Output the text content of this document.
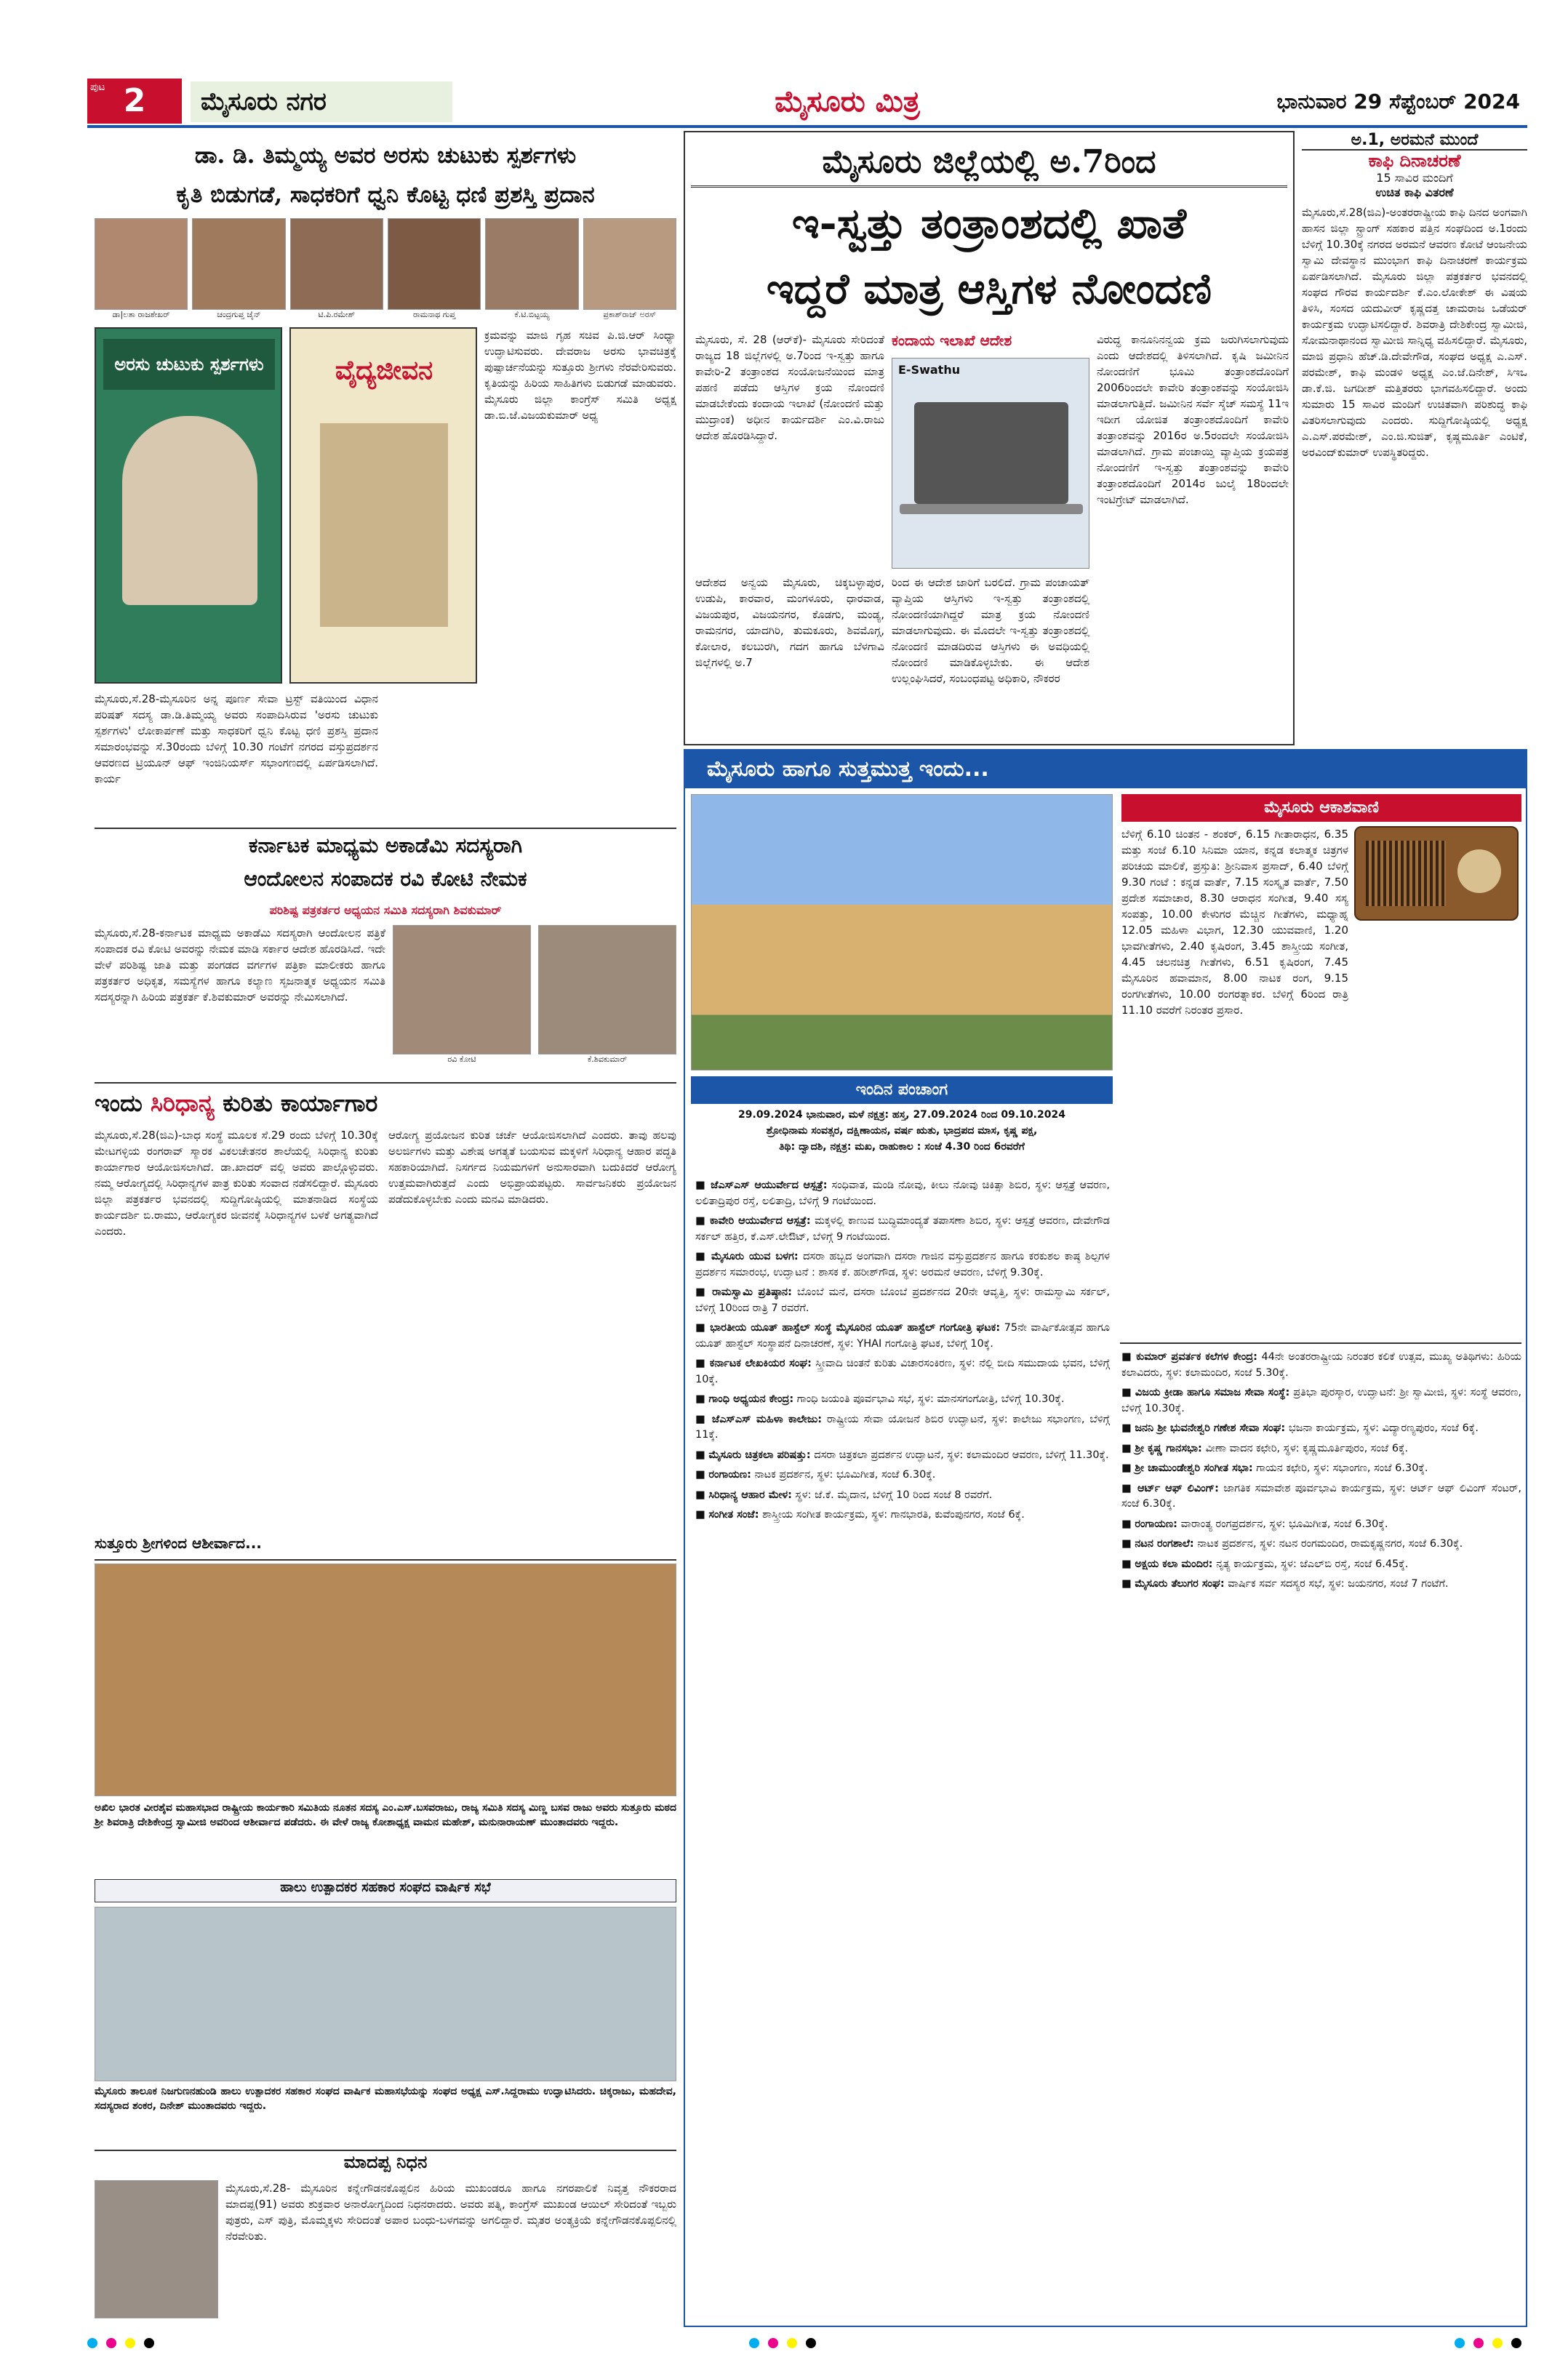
2
ಪುಟ	ಮೈಸೂರು ನಗರ	ಮೈಸೂರು ಮಿತ್ರ	ಭಾನುವಾರ 29 ಸೆಪ್ಟೆಂಬರ್ 2024
ಡಾ. ಡಿ. ತಿಮ್ಮಯ್ಯ ಅವರ ಅರಸು ಚುಟುಕು ಸ್ಪರ್ಶಗಳು
ಕೃತಿ ಬಿಡುಗಡೆ, ಸಾಧಕರಿಗೆ ಧ್ವನಿ ಕೊಟ್ಟ ಧಣಿ ಪ್ರಶಸ್ತಿ ಪ್ರದಾನ
ಡಾ|ಲತಾ ರಾಜಶೇಖರ್	ಚಂದ್ರಗುಪ್ತ ಜೈನ್	ಟಿ.ಪಿ.ರಮೇಶ್	ರಾಮನಾಥ ಗುಪ್ತ	ಕೆ.ಟಿ.ಬಿಟ್ಟಯ್ಯ	ಪ್ರಕಾಶ್‌ರಾಜ್ ಅರಸ್
ಅರಸು ಚುಟುಕು ಸ್ಪರ್ಶಗಳು	ವೈದ್ಯಜೀವನ
ಕ್ರಮವನ್ನು ಮಾಜಿ ಗೃಹ ಸಚಿವ ಪಿ.ಜಿ.ಆರ್ ಸಿಂಧ್ಯಾ ಉದ್ಘಾಟಿಸುವರು. ದೇವರಾಜ ಅರಸು ಭಾವಚಿತ್ರಕ್ಕೆ ಪುಷ್ಪಾರ್ಚನೆಯನ್ನು ಸುತ್ತೂರು ಶ್ರೀಗಳು ನೆರವೇರಿಸುವರು. ಕೃತಿಯನ್ನು ಹಿರಿಯ ಸಾಹಿತಿಗಳು ಬಿಡುಗಡೆ ಮಾಡುವರು. ಮೈಸೂರು ಜಿಲ್ಲಾ ಕಾಂಗ್ರೆಸ್ ಸಮಿತಿ ಅಧ್ಯಕ್ಷ ಡಾ.ಬಿ.ಜೆ.ವಿಜಯಕುಮಾರ್ ಅಧ್ಯ
ಮೈಸೂರು,ಸೆ.28-ಮೈಸೂರಿನ ಅನ್ನ ಪೂರ್ಣ ಸೇವಾ ಟ್ರಸ್ಟ್ ವತಿಯಿಂದ ವಿಧಾನ ಪರಿಷತ್ ಸದಸ್ಯ ಡಾ.ಡಿ.ತಿಮ್ಮಯ್ಯ ಅವರು ಸಂಪಾದಿಸಿರುವ 'ಅರಸು ಚುಟುಕು ಸ್ಪರ್ಶಗಳು' ಲೋಕಾರ್ಪಣೆ ಮತ್ತು ಸಾಧಕರಿಗೆ ಧ್ವನಿ ಕೊಟ್ಟ ಧಣಿ ಪ್ರಶಸ್ತಿ ಪ್ರದಾನ ಸಮಾರಂಭವನ್ನು ಸೆ.30ರಂದು ಬೆಳಿಗ್ಗೆ 10.30 ಗಂಟೆಗೆ ನಗರದ ವಸ್ತುಪ್ರದರ್ಶನ ಆವರಣದ ಟ್ರಿಯೂನ್ ಆಫ್ ಇಂಜಿನಿಯರ್ಸ್ ಸಭಾಂಗಣದಲ್ಲಿ ಏರ್ಪಡಿಸಲಾಗಿದೆ. ಕಾರ್ಯ
ಮೈಸೂರು ಜಿಲ್ಲೆಯಲ್ಲಿ ಅ.7ರಿಂದ
ಇ-ಸ್ವತ್ತು ತಂತ್ರಾಂಶದಲ್ಲಿ ಖಾತೆ
ಇದ್ದರೆ ಮಾತ್ರ ಆಸ್ತಿಗಳ ನೋಂದಣಿ
ಮೈಸೂರು, ಸೆ. 28 (ಆರ್‌ಕೆ)- ಮೈಸೂರು ಸೇರಿದಂತೆ ರಾಜ್ಯದ 18 ಜಿಲ್ಲೆಗಳಲ್ಲಿ ಅ.7ರಿಂದ ಇ-ಸ್ವತ್ತು ಹಾಗೂ ಕಾವೇರಿ-2 ತಂತ್ರಾಂಶದ ಸಂಯೋಜನೆಯಿಂದ ಮಾತ್ರ ಪಹಣಿ ಪಡೆದು ಆಸ್ತಿಗಳ ಕ್ರಯ ನೋಂದಣಿ ಮಾಡಬೇಕೆಂದು ಕಂದಾಯ ಇಲಾಖೆ (ನೋಂದಣಿ ಮತ್ತು ಮುದ್ರಾಂಕ) ಅಧೀನ ಕಾರ್ಯದರ್ಶಿ ಎಂ.ವಿ.ರಾಜು ಆದೇಶ ಹೊರಡಿಸಿದ್ದಾರೆ.
ಕಂದಾಯ ಇಲಾಖೆ ಆದೇಶ
E-Swathu
ರಿಂದ ಈ ಆದೇಶ ಜಾರಿಗೆ ಬರಲಿದೆ. ಗ್ರಾಮ ಪಂಚಾಯತ್ ವ್ಯಾಪ್ತಿಯ ಆಸ್ತಿಗಳು ಇ-ಸ್ವತ್ತು ತಂತ್ರಾಂಶದಲ್ಲಿ ನೋಂದಣಿಯಾಗಿದ್ದರೆ ಮಾತ್ರ ಕ್ರಯ ನೋಂದಣಿ ಮಾಡಲಾಗುವುದು. ಈ ಮೊದಲೇ ಇ-ಸ್ವತ್ತು ತಂತ್ರಾಂಶದಲ್ಲಿ ನೋಂದಣಿ ಮಾಡದಿರುವ ಆಸ್ತಿಗಳು ಈ ಅವಧಿಯಲ್ಲಿ ನೋಂದಣಿ ಮಾಡಿಕೊಳ್ಳಬೇಕು. ಈ ಆದೇಶ ಉಲ್ಲಂಘಿಸಿದರೆ, ಸಂಬಂಧಪಟ್ಟ ಅಧಿಕಾರಿ, ನೌಕರರ
ವಿರುದ್ಧ ಕಾನೂನಿನನ್ವಯ ಕ್ರಮ ಜರುಗಿಸಲಾಗುವುದು ಎಂದು ಆದೇಶದಲ್ಲಿ ತಿಳಿಸಲಾಗಿದೆ. ಕೃಷಿ ಜಮೀನಿನ ನೋಂದಣಿಗೆ ಭೂಮಿ ತಂತ್ರಾಂಶದೊಂದಿಗೆ 2006ರಿಂದಲೇ ಕಾವೇರಿ ತಂತ್ರಾಂಶವನ್ನು ಸಂಯೋಜಿಸಿ ಮಾಡಲಾಗುತ್ತಿದೆ. ಜಮೀನಿನ ಸರ್ವೆ ಸ್ಕೆಚ್ ಸಮಸ್ಯೆ 11ಇ ಇದೀಗ ಯೋಜಿತ ತಂತ್ರಾಂಶದೊಂದಿಗೆ ಕಾವೇರಿ ತಂತ್ರಾಂಶವನ್ನು 2016ರ ಅ.5ರಂದಲೇ ಸಂಯೋಜಿಸಿ ಮಾಡಲಾಗಿದೆ. ಗ್ರಾಮ ಪಂಚಾಯ್ತಿ ವ್ಯಾಪ್ತಿಯ ಕ್ರಯಪತ್ರ ನೋಂದಣಿಗೆ ಇ-ಸ್ವತ್ತು ತಂತ್ರಾಂಶವನ್ನು ಕಾವೇರಿ ತಂತ್ರಾಂಶದೊಂದಿಗೆ 2014ರ ಜುಲೈ 18ರಿಂದಲೇ ಇಂಟಿಗ್ರೇಟ್ ಮಾಡಲಾಗಿದೆ.
ಆದೇಶದ ಅನ್ವಯ ಮೈಸೂರು, ಚಿಕ್ಕಬಳ್ಳಾಪುರ, ಉಡುಪಿ, ಕಾರವಾರ, ಮಂಗಳೂರು, ಧಾರವಾಡ, ವಿಜಯಪುರ, ವಿಜಯನಗರ, ಕೊಡಗು, ಮಂಡ್ಯ, ರಾಮನಗರ, ಯಾದಗಿರಿ, ತುಮಕೂರು, ಶಿವಮೊಗ್ಗ, ಕೋಲಾರ, ಕಲಬುರಗಿ, ಗದಗ ಹಾಗೂ ಬೆಳಗಾವಿ ಜಿಲ್ಲೆಗಳಲ್ಲಿ ಅ.7
ಅ.1, ಅರಮನೆ ಮುಂದೆ
ಕಾಫಿ ದಿನಾಚರಣೆ
15 ಸಾವಿರ ಮಂದಿಗೆ
ಉಚಿತ ಕಾಫಿ ವಿತರಣೆ
ಮೈಸೂರು,ಸೆ.28(ಜಿಎ)-ಅಂತರರಾಷ್ಟ್ರೀಯ ಕಾಫಿ ದಿನದ ಅಂಗವಾಗಿ ಹಾಸನ ಜಿಲ್ಲಾ ಸ್ಟ್ರಾಂಗ್ ಸಹಕಾರ ಪತ್ತಿನ ಸಂಘದಿಂದ ಅ.1ರಂದು ಬೆಳಿಗ್ಗೆ 10.30ಕ್ಕೆ ನಗರದ ಅರಮನೆ ಆವರಣ ಕೋಟೆ ಆಂಜನೇಯ ಸ್ವಾಮಿ ದೇವಸ್ಥಾನ ಮುಂಭಾಗ ಕಾಫಿ ದಿನಾಚರಣೆ ಕಾರ್ಯಕ್ರಮ ಏರ್ಪಡಿಸಲಾಗಿದೆ. ಮೈಸೂರು ಜಿಲ್ಲಾ ಪತ್ರಕರ್ತರ ಭವನದಲ್ಲಿ ಸಂಘದ ಗೌರವ ಕಾರ್ಯದರ್ಶಿ ಕೆ.ಎಂ.ಲೋಕೇಶ್ ಈ ವಿಷಯ ತಿಳಿಸಿ, ಸಂಸದ ಯದುವೀರ್ ಕೃಷ್ಣದತ್ತ ಚಾಮರಾಜ ಒಡೆಯರ್ ಕಾರ್ಯಕ್ರಮ ಉದ್ಘಾಟಿಸಲಿದ್ದಾರೆ. ಶಿವರಾತ್ರಿ ದೇಶಿಕೇಂದ್ರ ಸ್ವಾಮೀಜಿ, ಸೋಮನಾಥಾನಂದ ಸ್ವಾಮೀಜಿ ಸಾನ್ನಿಧ್ಯ ವಹಿಸಲಿದ್ದಾರೆ. ಮೈಸೂರು, ಮಾಜಿ ಪ್ರಧಾನಿ ಹೆಚ್.ಡಿ.ದೇವೇಗೌಡ, ಸಂಘದ ಅಧ್ಯಕ್ಷ ಎ.ಎಸ್. ಪರಮೇಶ್, ಕಾಫಿ ಮಂಡಳಿ ಅಧ್ಯಕ್ಷ ಎಂ.ಜೆ.ದಿನೇಶ್, ಸಿಇಒ ಡಾ.ಕೆ.ಜಿ. ಜಗದೀಶ್ ಮತ್ತಿತರರು ಭಾಗವಹಿಸಲಿದ್ದಾರೆ. ಅಂದು ಸುಮಾರು 15 ಸಾವಿರ ಮಂದಿಗೆ ಉಚಿತವಾಗಿ ಪರಿಶುದ್ಧ ಕಾಫಿ ವಿತರಿಸಲಾಗುವುದು ಎಂದರು. ಸುದ್ದಿಗೋಷ್ಠಿಯಲ್ಲಿ ಅಧ್ಯಕ್ಷ ಎ.ಎಸ್.ಪರಮೇಶ್, ಎಂ.ಜಿ.ಸುಜಿತ್, ಕೃಷ್ಣಮೂರ್ತಿ ಎಂಟಿಕೆ, ಅರವಿಂದ್‌ಕುಮಾರ್ ಉಪಸ್ಥಿತರಿದ್ದರು.
ಕರ್ನಾಟಕ ಮಾಧ್ಯಮ ಅಕಾಡೆಮಿ ಸದಸ್ಯರಾಗಿ
ಆಂದೋಲನ ಸಂಪಾದಕ ರವಿ ಕೋಟಿ ನೇಮಕ
ಪರಿಶಿಷ್ಟ ಪತ್ರಕರ್ತರ ಅಧ್ಯಯನ ಸಮಿತಿ ಸದಸ್ಯರಾಗಿ ಶಿವಕುಮಾರ್
ಮೈಸೂರು,ಸೆ.28-ಕರ್ನಾಟಕ ಮಾಧ್ಯಮ ಅಕಾಡೆಮಿ ಸದಸ್ಯರಾಗಿ ಆಂದೋಲನ ಪತ್ರಿಕೆ ಸಂಪಾದಕ ರವಿ ಕೋಟಿ ಅವರನ್ನು ನೇಮಕ ಮಾಡಿ ಸರ್ಕಾರ ಆದೇಶ ಹೊರಡಿಸಿದೆ. ಇದೇ ವೇಳೆ ಪರಿಶಿಷ್ಟ ಜಾತಿ ಮತ್ತು ಪಂಗಡದ ವರ್ಗಗಳ ಪತ್ರಿಕಾ ಮಾಲೀಕರು ಹಾಗೂ ಪತ್ರಕರ್ತರ ಅಧಿಕೃತ, ಸಮಸ್ಯೆಗಳ ಹಾಗೂ ಕಲ್ಯಾಣ ಸೃಜನಾತ್ಮಕ ಅಧ್ಯಯನ ಸಮಿತಿ ಸದಸ್ಯರನ್ನಾಗಿ ಹಿರಿಯ ಪತ್ರಕರ್ತ ಕೆ.ಶಿವಕುಮಾರ್ ಅವರನ್ನು ನೇಮಿಸಲಾಗಿದೆ.
ರವಿ ಕೋಟಿ	ಕೆ.ಶಿವಕುಮಾರ್
ಇಂದು ಸಿರಿಧಾನ್ಯ ಕುರಿತು ಕಾರ್ಯಾಗಾರ
ಮೈಸೂರು,ಸೆ.28(ಜಿಎ)-ಬಾಧ ಸಂಸ್ಥೆ ಮೂಲಕ ಸೆ.29 ರಂದು ಬೆಳಿಗ್ಗೆ 10.30ಕ್ಕೆ ಮೇಟಗಳ್ಳಿಯ ರಂಗರಾವ್ ಸ್ಮಾರಕ ವಿಕಲಚೇತನರ ಶಾಲೆಯಲ್ಲಿ ಸಿರಿಧಾನ್ಯ ಕುರಿತು ಕಾರ್ಯಾಗಾರ ಆಯೋಜಿಸಲಾಗಿದೆ. ಡಾ.ಖಾದರ್ ವಲ್ಲಿ ಅವರು ಪಾಲ್ಗೊಳ್ಳುವರು. ನಮ್ಮ ಆರೋಗ್ಯದಲ್ಲಿ ಸಿರಿಧಾನ್ಯಗಳ ಪಾತ್ರ ಕುರಿತು ಸಂವಾದ ನಡೆಸಲಿದ್ದಾರೆ. ಮೈಸೂರು ಜಿಲ್ಲಾ ಪತ್ರಕರ್ತರ ಭವನದಲ್ಲಿ ಸುದ್ದಿಗೋಷ್ಠಿಯಲ್ಲಿ ಮಾತನಾಡಿದ ಸಂಸ್ಥೆಯ ಕಾರ್ಯದರ್ಶಿ ಬಿ.ರಾಮು, ಆರೋಗ್ಯಕರ ಜೀವನಕ್ಕೆ ಸಿರಿಧಾನ್ಯಗಳ ಬಳಕೆ ಅಗತ್ಯವಾಗಿದೆ ಎಂದರು.
ಆರೋಗ್ಯ ಪ್ರಯೋಜನ ಕುರಿತ ಚರ್ಚೆ ಆಯೋಜಿಸಲಾಗಿದೆ ಎಂದರು. ತಾವು ಹಲವು ಅಲರ್ಜಿಗಳು ಮತ್ತು ವಿಶೇಷ ಅಗತ್ಯತೆ ಬಯಸುವ ಮಕ್ಕಳಿಗೆ ಸಿರಿಧಾನ್ಯ ಆಹಾರ ಪದ್ಧತಿ ಸಹಕಾರಿಯಾಗಿದೆ. ನಿಸರ್ಗದ ನಿಯಮಗಳಿಗೆ ಅನುಸಾರವಾಗಿ ಬದುಕಿದರೆ ಆರೋಗ್ಯ ಉತ್ತಮವಾಗಿರುತ್ತದೆ ಎಂದು ಅಭಿಪ್ರಾಯಪಟ್ಟರು. ಸಾರ್ವಜನಿಕರು ಪ್ರಯೋಜನ ಪಡೆದುಕೊಳ್ಳಬೇಕು ಎಂದು ಮನವಿ ಮಾಡಿದರು.
ಸುತ್ತೂರು ಶ್ರೀಗಳಿಂದ ಆಶೀರ್ವಾದ...
ಅಖಿಲ ಭಾರತ ವೀರಶೈವ ಮಹಾಸಭಾದ ರಾಷ್ಟ್ರೀಯ ಕಾರ್ಯಕಾರಿ ಸಮಿತಿಯ ನೂತನ ಸದಸ್ಯ ಎಂ.ಎಸ್.ಬಸವರಾಜು, ರಾಜ್ಯ ಸಮಿತಿ ಸದಸ್ಯ ಮಿಣ್ಣ ಬಸವ ರಾಜು ಅವರು ಸುತ್ತೂರು ಮಠದ ಶ್ರೀ ಶಿವರಾತ್ರಿ ದೇಶಿಕೇಂದ್ರ ಸ್ವಾಮೀಜಿ ಅವರಿಂದ ಆಶೀರ್ವಾದ ಪಡೆದರು. ಈ ವೇಳೆ ರಾಜ್ಯ ಕೋಶಾಧ್ಯಕ್ಷ ವಾಮನ ಮಹೇಶ್, ಮನುನಾರಾಯಣ್ ಮುಂತಾದವರು ಇದ್ದರು.
ಹಾಲು ಉತ್ಪಾದಕರ ಸಹಕಾರ ಸಂಘದ ವಾರ್ಷಿಕ ಸಭೆ
ಮೈಸೂರು ತಾಲೂಕ ನಿಜಗುಣನಹುಂಡಿ ಹಾಲು ಉತ್ಪಾದಕರ ಸಹಕಾರ ಸಂಘದ ವಾರ್ಷಿಕ ಮಹಾಸಭೆಯನ್ನು ಸಂಘದ ಅಧ್ಯಕ್ಷ ಎಸ್.ಸಿದ್ದರಾಮು ಉದ್ಘಾಟಿಸಿದರು. ಚಿಕ್ಕರಾಜು, ಮಹದೇವ, ಸದಸ್ಯರಾದ ಶಂಕರ, ದಿನೇಶ್ ಮುಂತಾದವರು ಇದ್ದರು.
ಮಾದಪ್ಪ ನಿಧನ
ಮೈಸೂರು,ಸೆ.28- ಮೈಸೂರಿನ ಕನ್ನೇಗೌಡನಕೊಪ್ಪಲಿನ ಹಿರಿಯ ಮುಖಂಡರೂ ಹಾಗೂ ನಗರಪಾಲಿಕೆ ನಿವೃತ್ತ ನೌಕರರಾದ ಮಾದಪ್ಪ(91) ಅವರು ಶುಕ್ರವಾರ ಅನಾರೋಗ್ಯದಿಂದ ನಿಧನರಾದರು. ಅವರು ಪತ್ನಿ, ಕಾಂಗ್ರೆಸ್ ಮುಖಂಡ ಆಯಿಲ್‌ ಸೇರಿದಂತೆ ಇಬ್ಬರು ಪುತ್ರರು, ಎಸ್ ಪುತ್ರಿ, ಮೊಮ್ಮಕ್ಕಳು ಸೇರಿದಂತೆ ಅಪಾರ ಬಂಧು-ಬಳಗವನ್ನು ಅಗಲಿದ್ದಾರೆ. ಮೃತರ ಅಂತ್ಯಕ್ರಿಯೆ ಕನ್ನೇಗೌಡನಕೊಪ್ಪಲಿನಲ್ಲಿ ನೆರವೇರಿತು.
ಮೈಸೂರು ಹಾಗೂ ಸುತ್ತಮುತ್ತ ಇಂದು...
ಇಂದಿನ ಪಂಚಾಂಗ
29.09.2024 ಭಾನುವಾರ, ಮಳೆ ನಕ್ಷತ್ರ: ಹಸ್ತ, 27.09.2024 ರಿಂದ 09.10.2024
ಶ್ರೋಧಿನಾಮ ಸಂವತ್ಸರ, ದಕ್ಷಿಣಾಯನ, ವರ್ಷ ಋತು, ಭಾದ್ರಪದ ಮಾಸ, ಕೃಷ್ಣ ಪಕ್ಷ,
ತಿಥಿ: ದ್ವಾದಶಿ, ನಕ್ಷತ್ರ: ಮಖ, ರಾಹುಕಾಲ : ಸಂಜೆ 4.30 ರಿಂದ 6ರವರೆಗೆ
■ ಜೆಎಸ್‌ಎಸ್ ಆಯುರ್ವೇದ ಆಸ್ಪತ್ರೆ: ಸಂಧಿವಾತ, ಮಂಡಿ ನೋವು, ಕೀಲು ನೋವು ಚಿಕಿತ್ಸಾ ಶಿಬಿರ, ಸ್ಥಳ: ಆಸ್ಪತ್ರೆ ಆವರಣ, ಲಲಿತಾದ್ರಿಪುರ ರಸ್ತೆ, ಲಲಿತಾದ್ರಿ, ಬೆಳಿಗ್ಗೆ 9 ಗಂಟೆಯಿಂದ.
■ ಕಾವೇರಿ ಆಯುರ್ವೇದ ಆಸ್ಪತ್ರೆ: ಮಕ್ಕಳಲ್ಲಿ ಕಾಣುವ ಬುದ್ಧಿಮಾಂದ್ಯತೆ ತಪಾಸಣಾ ಶಿಬಿರ, ಸ್ಥಳ: ಆಸ್ಪತ್ರೆ ಆವರಣ, ದೇವೇಗೌಡ ಸರ್ಕಲ್ ಹತ್ತಿರ, ಕೆ.ಎಸ್.ಲೇಔಟ್, ಬೆಳಿಗ್ಗೆ 9 ಗಂಟೆಯಿಂದ.
■ ಮೈಸೂರು ಯುವ ಬಳಗ: ದಸರಾ ಹಬ್ಬದ ಅಂಗವಾಗಿ ದಸರಾ ಗಾಜಿನ ವಸ್ತುಪ್ರದರ್ಶನ ಹಾಗೂ ಕರಕುಶಲ ಕಾಷ್ಠ ಶಿಲ್ಪಗಳ ಪ್ರದರ್ಶನ ಸಮಾರಂಭ, ಉದ್ಘಾಟನೆ : ಶಾಸಕ ಕೆ. ಹರೀಶ್‌ಗೌಡ, ಸ್ಥಳ: ಅರಮನೆ ಆವರಣ, ಬೆಳಿಗ್ಗೆ 9.30ಕ್ಕೆ.
■ ರಾಮಸ್ವಾಮಿ ಪ್ರತಿಷ್ಠಾನ: ಬೊಂಬೆ ಮನೆ, ದಸರಾ ಬೊಂಬೆ ಪ್ರದರ್ಶನದ 20ನೇ ಆವೃತ್ತಿ, ಸ್ಥಳ: ರಾಮಸ್ವಾಮಿ ಸರ್ಕಲ್, ಬೆಳಿಗ್ಗೆ 10ರಿಂದ ರಾತ್ರಿ 7 ರವರೆಗೆ.
■ ಭಾರತೀಯ ಯೂತ್ ಹಾಸ್ಟೆಲ್ ಸಂಸ್ಥೆ ಮೈಸೂರಿನ ಯೂತ್ ಹಾಸ್ಟೆಲ್ ಗಂಗೋತ್ರಿ ಘಟಕ: 75ನೇ ವಾರ್ಷಿಕೋತ್ಸವ ಹಾಗೂ ಯೂತ್ ಹಾಸ್ಟೆಲ್ ಸಂಸ್ಥಾಪನೆ ದಿನಾಚರಣೆ, ಸ್ಥಳ: YHAI ಗಂಗೋತ್ರಿ ಘಟಕ, ಬೆಳಿಗ್ಗೆ 10ಕ್ಕೆ.
■ ಕರ್ನಾಟಕ ಲೇಖಕಿಯರ ಸಂಘ: ಸ್ತ್ರೀವಾದಿ ಚಿಂತನೆ ಕುರಿತು ವಿಚಾರಸಂಕಿರಣ, ಸ್ಥಳ: ನೆಲ್ಲಿ ಬೀದಿ ಸಮುದಾಯ ಭವನ, ಬೆಳಿಗ್ಗೆ 10ಕ್ಕೆ.
■ ಗಾಂಧಿ ಅಧ್ಯಯನ ಕೇಂದ್ರ: ಗಾಂಧಿ ಜಯಂತಿ ಪೂರ್ವಭಾವಿ ಸಭೆ, ಸ್ಥಳ: ಮಾನಸಗಂಗೋತ್ರಿ, ಬೆಳಿಗ್ಗೆ 10.30ಕ್ಕೆ.
■ ಜೆಎಸ್‌ಎಸ್ ಮಹಿಳಾ ಕಾಲೇಜು: ರಾಷ್ಟ್ರೀಯ ಸೇವಾ ಯೋಜನೆ ಶಿಬಿರ ಉದ್ಘಾಟನೆ, ಸ್ಥಳ: ಕಾಲೇಜು ಸಭಾಂಗಣ, ಬೆಳಿಗ್ಗೆ 11ಕ್ಕೆ.
■ ಮೈಸೂರು ಚಿತ್ರಕಲಾ ಪರಿಷತ್ತು: ದಸರಾ ಚಿತ್ರಕಲಾ ಪ್ರದರ್ಶನ ಉದ್ಘಾಟನೆ, ಸ್ಥಳ: ಕಲಾಮಂದಿರ ಆವರಣ, ಬೆಳಿಗ್ಗೆ 11.30ಕ್ಕೆ.
■ ರಂಗಾಯಣ: ನಾಟಕ ಪ್ರದರ್ಶನ, ಸ್ಥಳ: ಭೂಮಿಗೀತ, ಸಂಜೆ 6.30ಕ್ಕೆ.
■ ಸಿರಿಧಾನ್ಯ ಆಹಾರ ಮೇಳ: ಸ್ಥಳ: ಜೆ.ಕೆ. ಮೈದಾನ, ಬೆಳಿಗ್ಗೆ 10 ರಿಂದ ಸಂಜೆ 8 ರವರೆಗೆ.
■ ಸಂಗೀತ ಸಂಜೆ: ಶಾಸ್ತ್ರೀಯ ಸಂಗೀತ ಕಾರ್ಯಕ್ರಮ, ಸ್ಥಳ: ಗಾನಭಾರತಿ, ಕುವೆಂಪುನಗರ, ಸಂಜೆ 6ಕ್ಕೆ.
ಮೈಸೂರು ಆಕಾಶವಾಣಿ
ಬೆಳಿಗ್ಗೆ 6.10 ಚಿಂತನ - ಶಂಕರ್, 6.15 ಗೀತಾರಾಧನ, 6.35 ಮತ್ತು ಸಂಜೆ 6.10 ಸಿನಿಮಾ ಯಾನ, ಕನ್ನಡ ಕಲಾತ್ಮಕ ಚಿತ್ರಗಳ ಪರಿಚಯ ಮಾಲಿಕೆ, ಪ್ರಸ್ತುತಿ: ಶ್ರೀನಿವಾಸ ಪ್ರಸಾದ್, 6.40 ಬೆಳಿಗ್ಗೆ 9.30 ಗಂಟೆ : ಕನ್ನಡ ವಾರ್ತೆ, 7.15 ಸಂಸ್ಕೃತ ವಾರ್ತೆ, 7.50 ಪ್ರದೇಶ ಸಮಾಚಾರ, 8.30 ಆರಾಧನ ಸಂಗೀತ, 9.40 ಸಸ್ಯ ಸಂಪತ್ತು, 10.00 ಕೇಳುಗರ ಮೆಚ್ಚಿನ ಗೀತೆಗಳು, ಮಧ್ಯಾಹ್ನ 12.05 ಮಹಿಳಾ ವಿಭಾಗ, 12.30 ಯುವವಾಣಿ, 1.20 ಭಾವಗೀತೆಗಳು, 2.40 ಕೃಷಿರಂಗ, 3.45 ಶಾಸ್ತ್ರೀಯ ಸಂಗೀತ, 4.45 ಚಲನಚಿತ್ರ ಗೀತೆಗಳು, 6.51 ಕೃಷಿರಂಗ, 7.45 ಮೈಸೂರಿನ ಹವಾಮಾನ, 8.00 ನಾಟಕ ರಂಗ, 9.15 ರಂಗಗೀತೆಗಳು, 10.00 ರಂಗರತ್ನಾಕರ. ಬೆಳಿಗ್ಗೆ 6ರಿಂದ ರಾತ್ರಿ 11.10 ರವರೆಗೆ ನಿರಂತರ ಪ್ರಸಾರ.
■ ಕುಮಾರ್ ಪ್ರವರ್ತಕ ಕಲೆಗಳ ಕೇಂದ್ರ: 44ನೇ ಅಂತರರಾಷ್ಟ್ರೀಯ ನಿರಂತರ ಕಲಿಕೆ ಉತ್ಸವ, ಮುಖ್ಯ ಅತಿಥಿಗಳು: ಹಿರಿಯ ಕಲಾವಿದರು, ಸ್ಥಳ: ಕಲಾಮಂದಿರ, ಸಂಜೆ 5.30ಕ್ಕೆ.
■ ವಿಜಯ ಕ್ರೀಡಾ ಹಾಗೂ ಸಮಾಜ ಸೇವಾ ಸಂಸ್ಥೆ: ಪ್ರತಿಭಾ ಪುರಸ್ಕಾರ, ಉದ್ಘಾಟನೆ: ಶ್ರೀ ಸ್ವಾಮೀಜಿ, ಸ್ಥಳ: ಸಂಸ್ಥೆ ಆವರಣ, ಬೆಳಿಗ್ಗೆ 10.30ಕ್ಕೆ.
■ ಜನನಿ ಶ್ರೀ ಭುವನೇಶ್ವರಿ ಗಣೇಶ ಸೇವಾ ಸಂಘ: ಭಜನಾ ಕಾರ್ಯಕ್ರಮ, ಸ್ಥಳ: ವಿದ್ಯಾರಣ್ಯಪುರಂ, ಸಂಜೆ 6ಕ್ಕೆ.
■ ಶ್ರೀ ಕೃಷ್ಣ ಗಾನಸಭಾ: ವೀಣಾ ವಾದನ ಕಛೇರಿ, ಸ್ಥಳ: ಕೃಷ್ಣಮೂರ್ತಿಪುರಂ, ಸಂಜೆ 6ಕ್ಕೆ.
■ ಶ್ರೀ ಚಾಮುಂಡೇಶ್ವರಿ ಸಂಗೀತ ಸಭಾ: ಗಾಯನ ಕಛೇರಿ, ಸ್ಥಳ: ಸಭಾಂಗಣ, ಸಂಜೆ 6.30ಕ್ಕೆ.
■ ಆರ್ಟ್ ಆಫ್ ಲಿವಿಂಗ್: ಜಾಗತಿಕ ಸಮಾವೇಶ ಪೂರ್ವಭಾವಿ ಕಾರ್ಯಕ್ರಮ, ಸ್ಥಳ: ಆರ್ಟ್ ಆಫ್ ಲಿವಿಂಗ್ ಸೆಂಟರ್, ಸಂಜೆ 6.30ಕ್ಕೆ.
■ ರಂಗಾಯಣ: ವಾರಾಂತ್ಯ ರಂಗಪ್ರದರ್ಶನ, ಸ್ಥಳ: ಭೂಮಿಗೀತ, ಸಂಜೆ 6.30ಕ್ಕೆ.
■ ನಟನ ರಂಗಶಾಲೆ: ನಾಟಕ ಪ್ರದರ್ಶನ, ಸ್ಥಳ: ನಟನ ರಂಗಮಂದಿರ, ರಾಮಕೃಷ್ಣನಗರ, ಸಂಜೆ 6.30ಕ್ಕೆ.
■ ಅಕ್ಷಯ ಕಲಾ ಮಂದಿರ: ನೃತ್ಯ ಕಾರ್ಯಕ್ರಮ, ಸ್ಥಳ: ಜೆಎಲ್‌ಬಿ ರಸ್ತೆ, ಸಂಜೆ 6.45ಕ್ಕೆ.
■ ಮೈಸೂರು ತೆಲುಗರ ಸಂಘ: ವಾರ್ಷಿಕ ಸರ್ವ ಸದಸ್ಯರ ಸಭೆ, ಸ್ಥಳ: ಜಯನಗರ, ಸಂಜೆ 7 ಗಂಟೆಗೆ.
